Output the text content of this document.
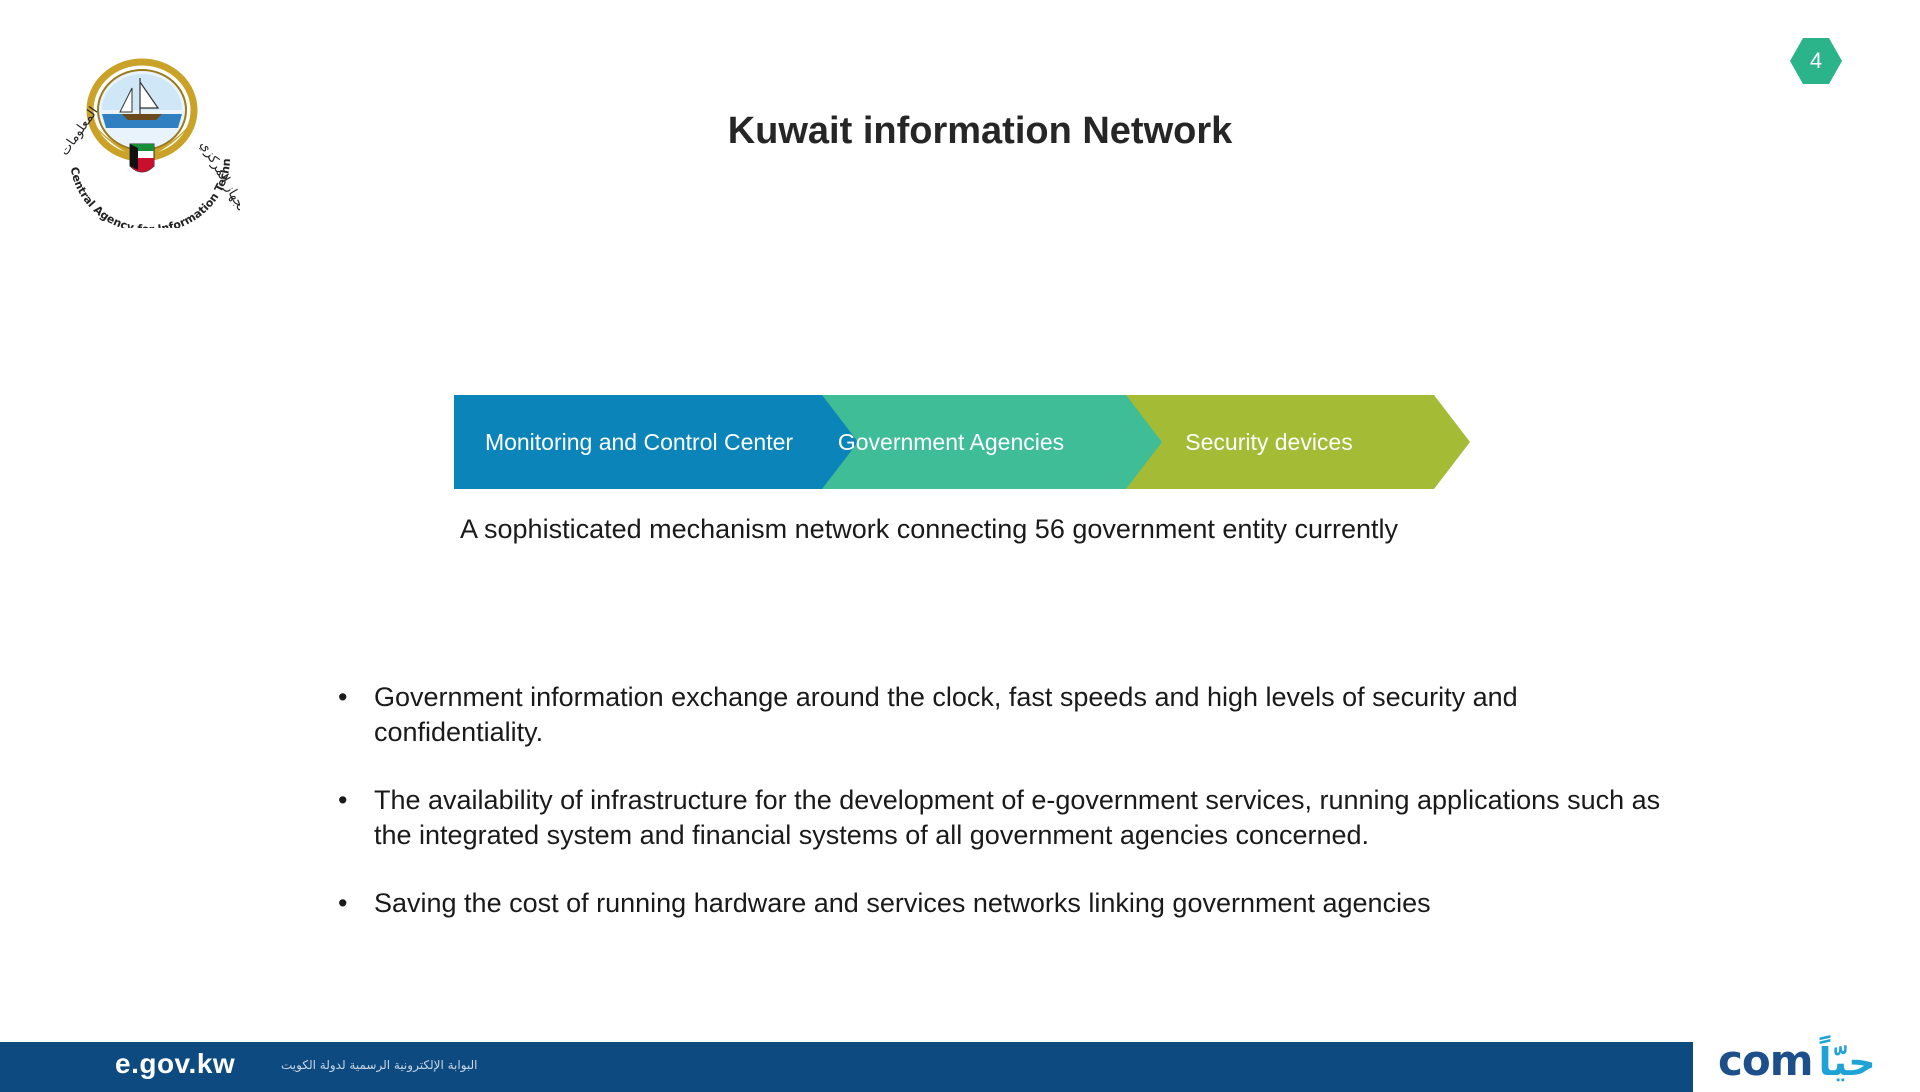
الجهاز المركزي
المعلومات
Central Agency formation Techn
4
Kuwait information Network
Monitoring and Control Center	Government Agencies	Security devices
A sophisticated mechanism network connecting 56 government entity currently
• Government information exchange around the clock, fast speeds and high levels of security and confidentiality.
• The availability of infrastructure for the development of e-government services, running applications such as the integrated system and financial systems of all government agencies concerned.
• Saving the cost of running hardware and services networks linking government agencies
e.gov.kw	البوابة الإلكترونية الرسمية لدولة الكويت	com حيّاً
